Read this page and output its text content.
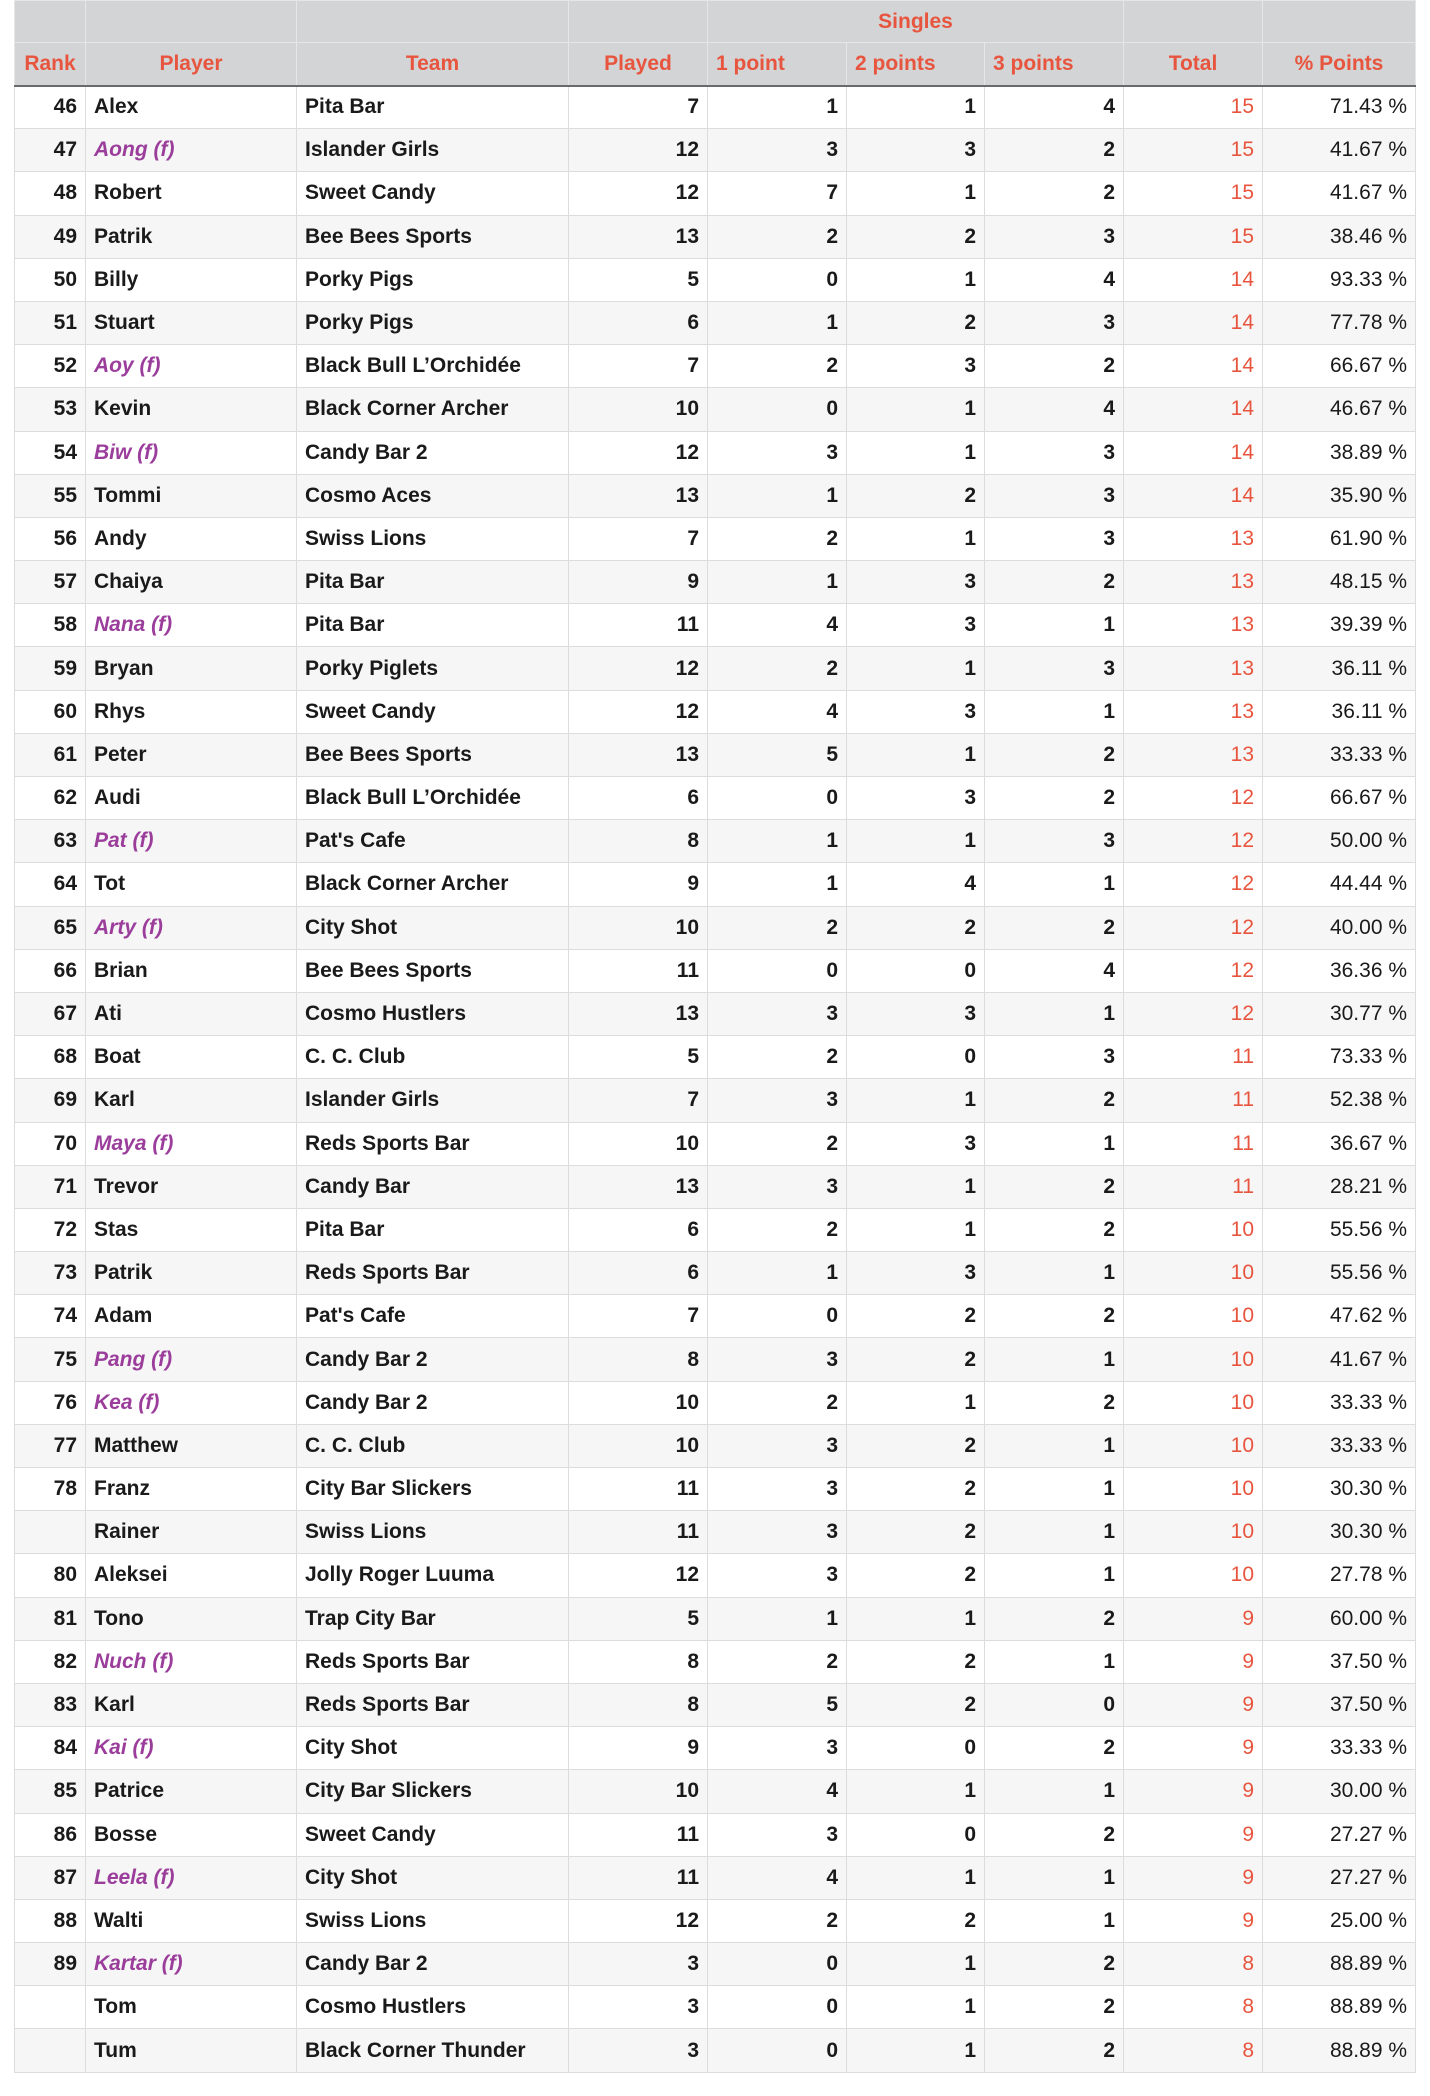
				Singles				
Rank	Player	Team	Played	1 point	2 points	3 points	Total	% Points
46	Alex	Pita Bar	7	1	1	4	15	71.43 %
47	Aong (f)	Islander Girls	12	3	3	2	15	41.67 %
48	Robert	Sweet Candy	12	7	1	2	15	41.67 %
49	Patrik	Bee Bees Sports	13	2	2	3	15	38.46 %
50	Billy	Porky Pigs	5	0	1	4	14	93.33 %
51	Stuart	Porky Pigs	6	1	2	3	14	77.78 %
52	Aoy (f)	Black Bull L’Orchidée	7	2	3	2	14	66.67 %
53	Kevin	Black Corner Archer	10	0	1	4	14	46.67 %
54	Biw (f)	Candy Bar 2	12	3	1	3	14	38.89 %
55	Tommi	Cosmo Aces	13	1	2	3	14	35.90 %
56	Andy	Swiss Lions	7	2	1	3	13	61.90 %
57	Chaiya	Pita Bar	9	1	3	2	13	48.15 %
58	Nana (f)	Pita Bar	11	4	3	1	13	39.39 %
59	Bryan	Porky Piglets	12	2	1	3	13	36.11 %
60	Rhys	Sweet Candy	12	4	3	1	13	36.11 %
61	Peter	Bee Bees Sports	13	5	1	2	13	33.33 %
62	Audi	Black Bull L’Orchidée	6	0	3	2	12	66.67 %
63	Pat (f)	Pat's Cafe	8	1	1	3	12	50.00 %
64	Tot	Black Corner Archer	9	1	4	1	12	44.44 %
65	Arty (f)	City Shot	10	2	2	2	12	40.00 %
66	Brian	Bee Bees Sports	11	0	0	4	12	36.36 %
67	Ati	Cosmo Hustlers	13	3	3	1	12	30.77 %
68	Boat	C. C. Club	5	2	0	3	11	73.33 %
69	Karl	Islander Girls	7	3	1	2	11	52.38 %
70	Maya (f)	Reds Sports Bar	10	2	3	1	11	36.67 %
71	Trevor	Candy Bar	13	3	1	2	11	28.21 %
72	Stas	Pita Bar	6	2	1	2	10	55.56 %
73	Patrik	Reds Sports Bar	6	1	3	1	10	55.56 %
74	Adam	Pat's Cafe	7	0	2	2	10	47.62 %
75	Pang (f)	Candy Bar 2	8	3	2	1	10	41.67 %
76	Kea (f)	Candy Bar 2	10	2	1	2	10	33.33 %
77	Matthew	C. C. Club	10	3	2	1	10	33.33 %
78	Franz	City Bar Slickers	11	3	2	1	10	30.30 %
	Rainer	Swiss Lions	11	3	2	1	10	30.30 %
80	Aleksei	Jolly Roger Luuma	12	3	2	1	10	27.78 %
81	Tono	Trap City Bar	5	1	1	2	9	60.00 %
82	Nuch (f)	Reds Sports Bar	8	2	2	1	9	37.50 %
83	Karl	Reds Sports Bar	8	5	2	0	9	37.50 %
84	Kai (f)	City Shot	9	3	0	2	9	33.33 %
85	Patrice	City Bar Slickers	10	4	1	1	9	30.00 %
86	Bosse	Sweet Candy	11	3	0	2	9	27.27 %
87	Leela (f)	City Shot	11	4	1	1	9	27.27 %
88	Walti	Swiss Lions	12	2	2	1	9	25.00 %
89	Kartar (f)	Candy Bar 2	3	0	1	2	8	88.89 %
	Tom	Cosmo Hustlers	3	0	1	2	8	88.89 %
	Tum	Black Corner Thunder	3	0	1	2	8	88.89 %
